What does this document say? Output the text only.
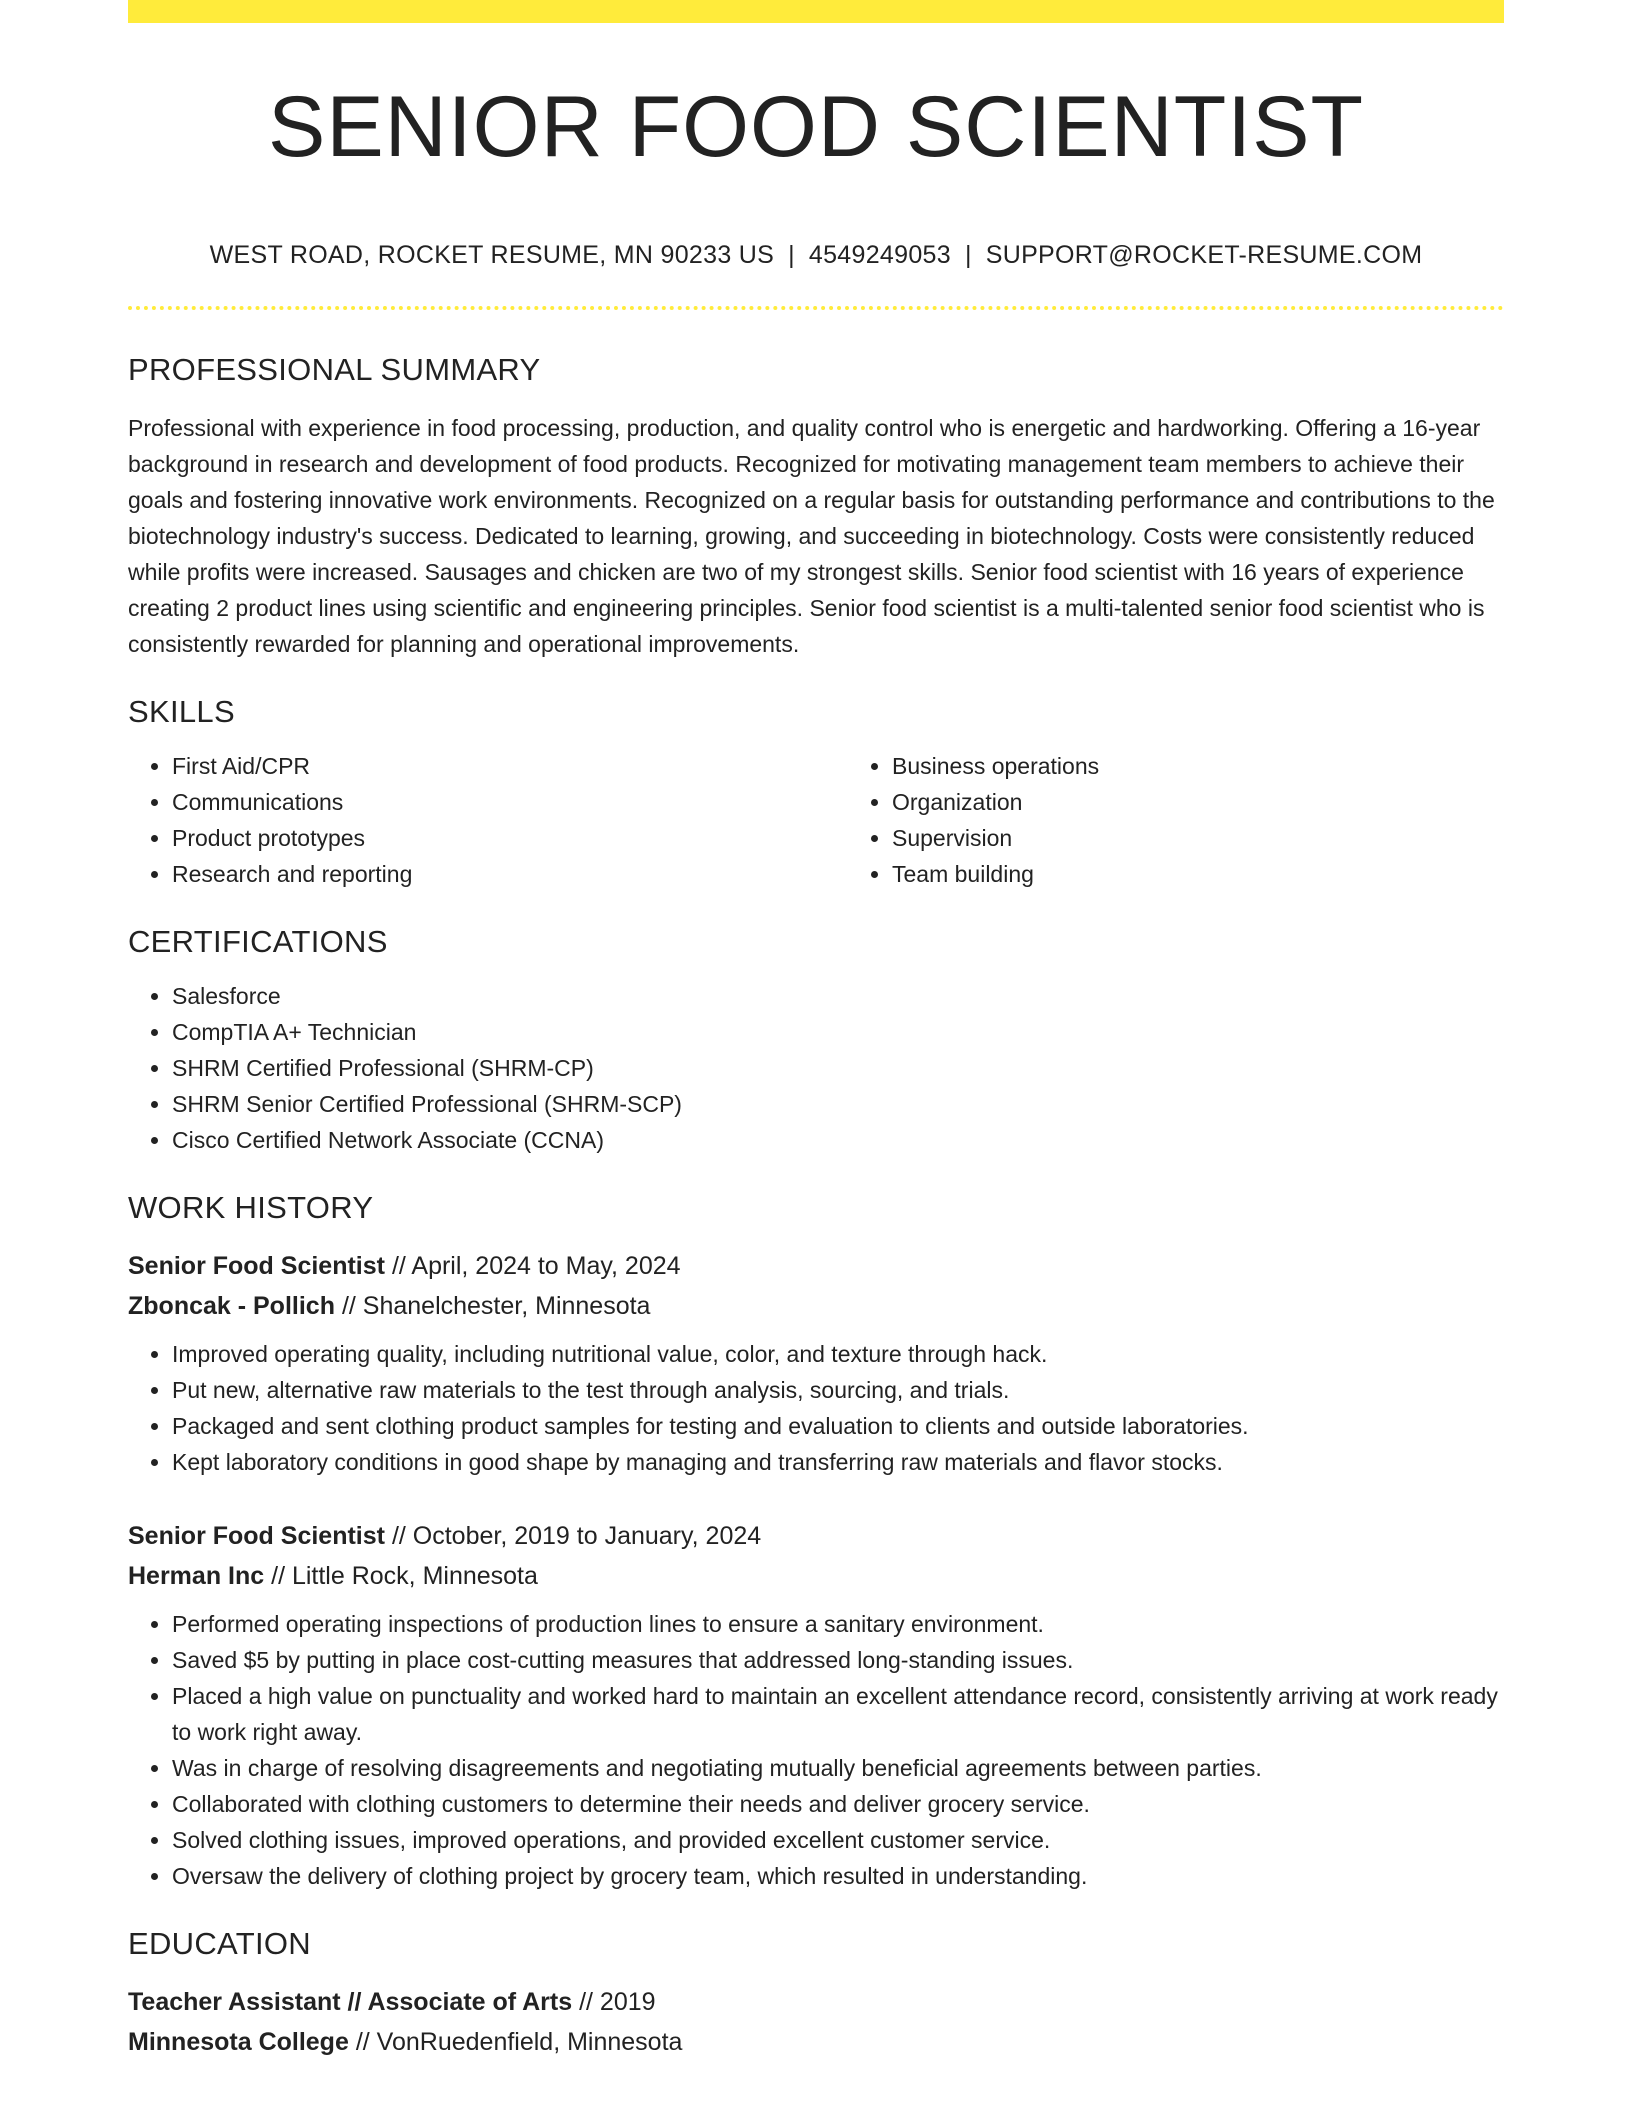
SENIOR FOOD SCIENTIST
WEST ROAD, ROCKET RESUME, MN 90233 US | 4549249053 | SUPPORT@ROCKET-RESUME.COM
PROFESSIONAL SUMMARY

Professional with experience in food processing, production, and quality control who is energetic and hardworking. Offering a 16-year background in research and development of food products. Recognized for motivating management team members to achieve their goals and fostering innovative work environments. Recognized on a regular basis for outstanding performance and contributions to the biotechnology industry's success. Dedicated to learning, growing, and succeeding in biotechnology. Costs were consistently reduced while profits were increased. Sausages and chicken are two of my strongest skills. Senior food scientist with 16 years of experience creating 2 product lines using scientific and engineering principles. Senior food scientist is a multi-talented senior food scientist who is consistently rewarded for planning and operational improvements.

SKILLS
• First Aid/CPR
• Communications
• Product prototypes
• Research and reporting
• Business operations
• Organization
• Supervision
• Team building
CERTIFICATIONS
• Salesforce
• CompTIA A+ Technician
• SHRM Certified Professional (SHRM-CP)
• SHRM Senior Certified Professional (SHRM-SCP)
• Cisco Certified Network Associate (CCNA)
WORK HISTORY
Senior Food Scientist // April, 2024 to May, 2024
Zboncak - Pollich // Shanelchester, Minnesota
• Improved operating quality, including nutritional value, color, and texture through hack.
• Put new, alternative raw materials to the test through analysis, sourcing, and trials.
• Packaged and sent clothing product samples for testing and evaluation to clients and outside laboratories.
• Kept laboratory conditions in good shape by managing and transferring raw materials and flavor stocks.
Senior Food Scientist // October, 2019 to January, 2024
Herman Inc // Little Rock, Minnesota
• Performed operating inspections of production lines to ensure a sanitary environment.
• Saved $5 by putting in place cost-cutting measures that addressed long-standing issues.
• Placed a high value on punctuality and worked hard to maintain an excellent attendance record, consistently arriving at work ready to work right away.
• Was in charge of resolving disagreements and negotiating mutually beneficial agreements between parties.
• Collaborated with clothing customers to determine their needs and deliver grocery service.
• Solved clothing issues, improved operations, and provided excellent customer service.
• Oversaw the delivery of clothing project by grocery team, which resulted in understanding.
EDUCATION
Teacher Assistant // Associate of Arts // 2019
Minnesota College // VonRuedenfield, Minnesota
